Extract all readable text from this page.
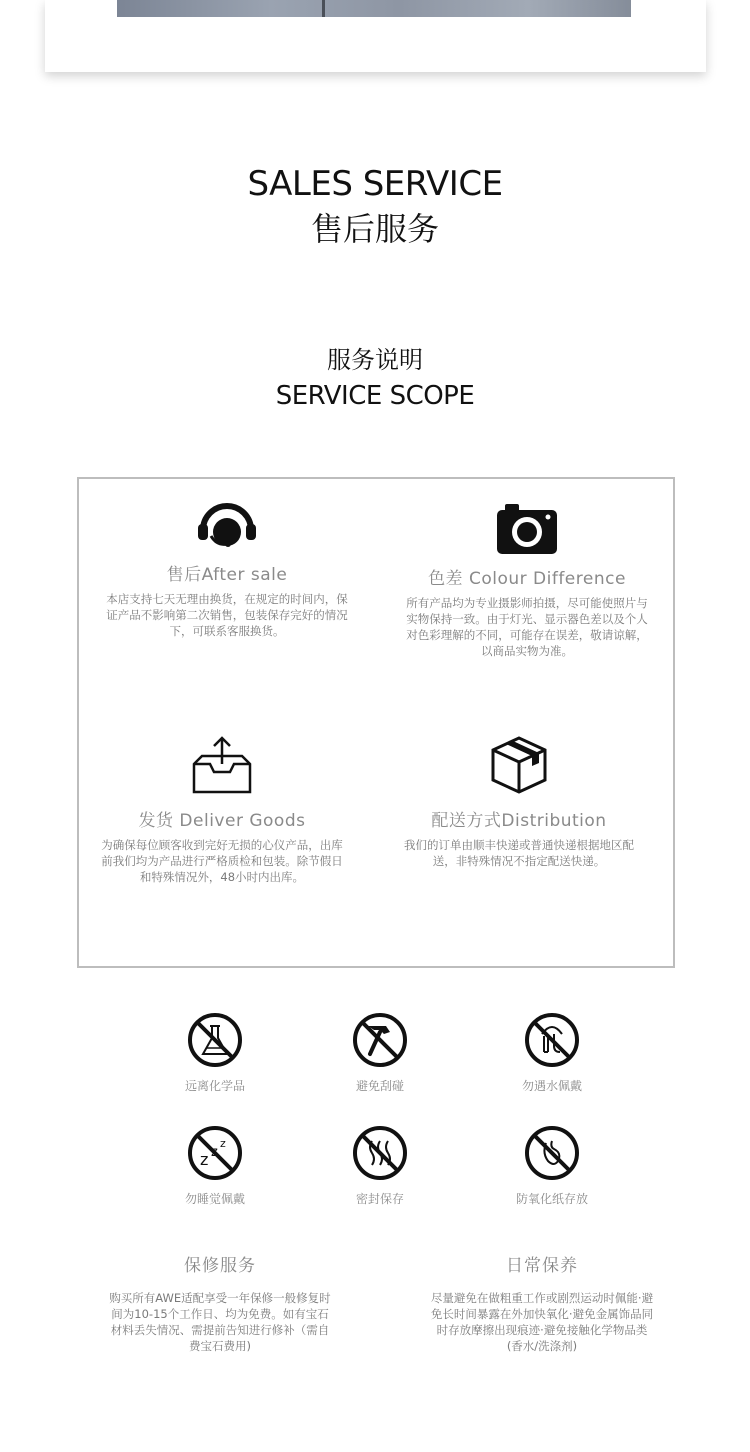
SALES SERVICE
售后服务
服务说明
SERVICE SCOPE
售后After sale
本店支持七天无理由换货，在规定的时间内，保证产品不影响第二次销售，包装保存完好的情况下，可联系客服换货。
色差 Colour Difference
所有产品均为专业摄影师拍摄，尽可能使照片与实物保持一致。由于灯光、显示器色差以及个人对色彩理解的不同，可能存在误差，敬请谅解，以商品实物为准。
发货 Deliver Goods
为确保每位顾客收到完好无损的心仪产品，出库前我们均为产品进行严格质检和包装。除节假日和特殊情况外，48小时内出库。
配送方式Distribution
我们的订单由顺丰快递或普通快递根据地区配送，非特殊情况不指定配送快递。
远离化学品	避免刮碰	勿遇水佩戴
z
z
勿睡觉佩戴	密封保存	防氧化纸存放
保修服务
购买所有AWE适配享受一年保修一般修复时间为10-15个工作日、均为免费。如有宝石材料丢失情况、需提前告知进行修补（需自费宝石费用)
日常保养
尽量避免在做粗重工作或剧烈运动时佩能·避免长时间暴露在外加快氧化·避免金属饰品同时存放摩擦出现痕迹·避免接触化学物品类(香水/洗涤剂)
